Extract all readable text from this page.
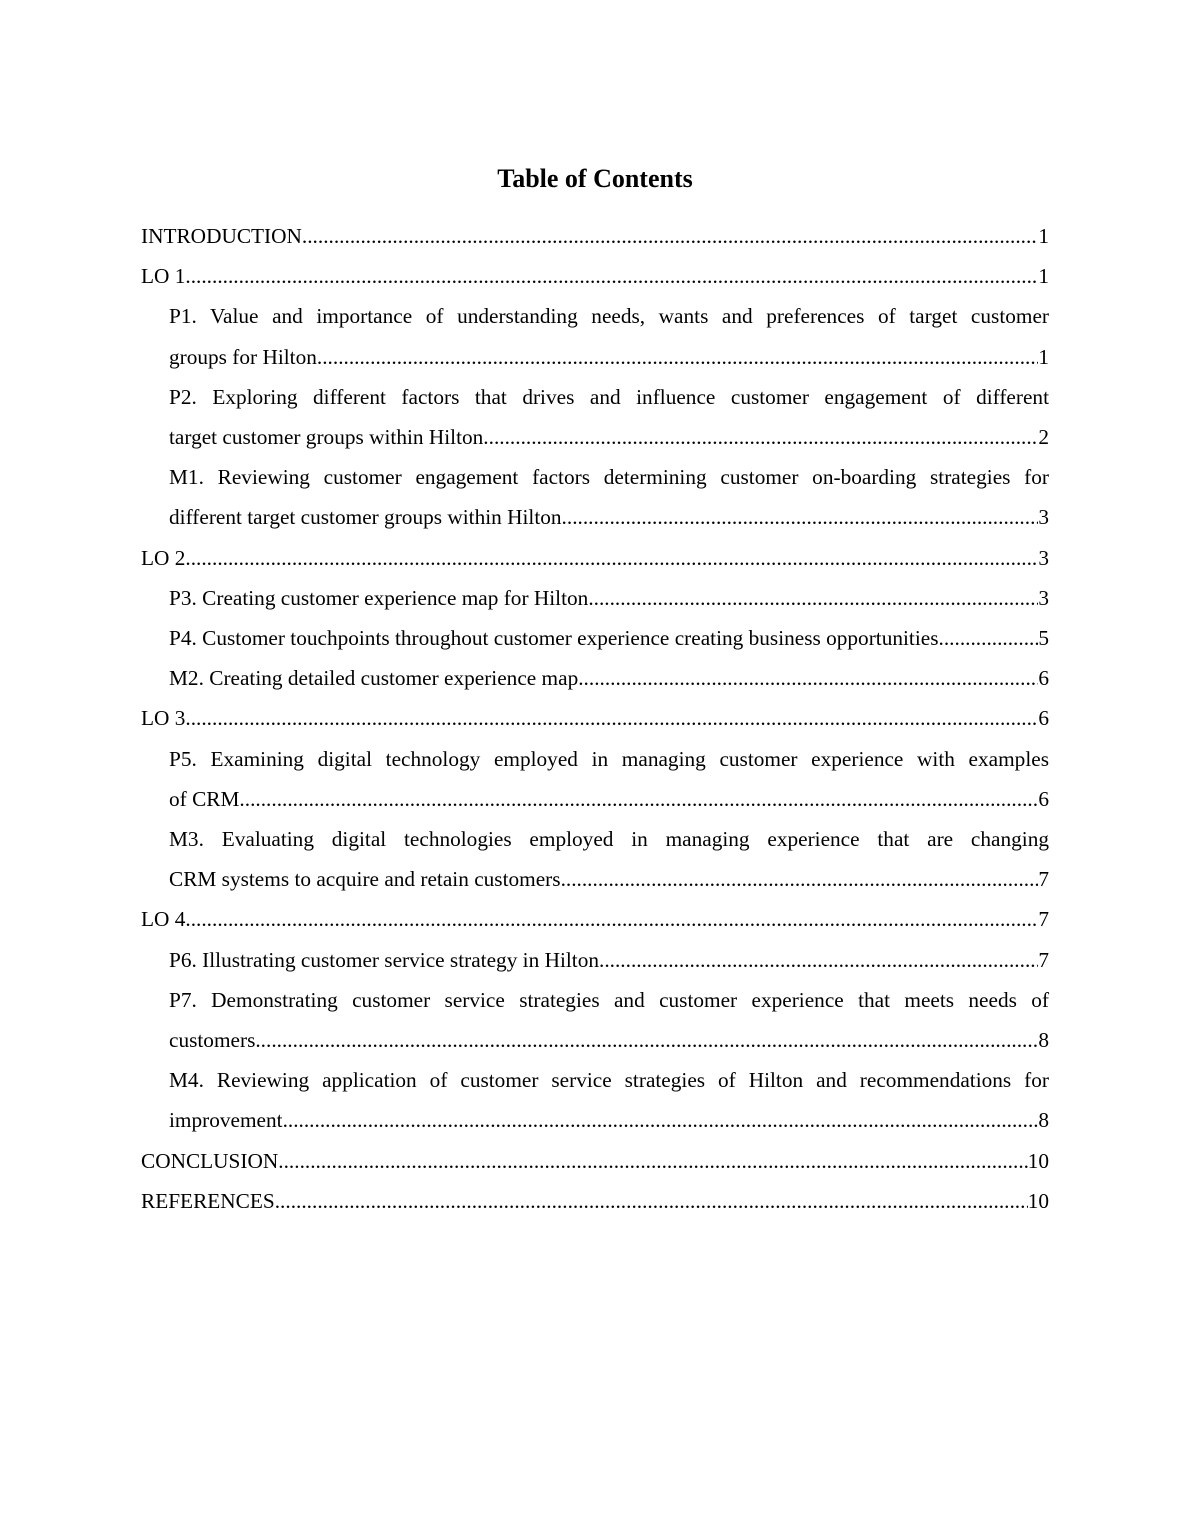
Table of Contents
INTRODUCTION .....	1
LO 1 .....	1
P1. Value and importance of understanding needs, wants and preferences of target customer
groups for Hilton .....	1
P2. Exploring different factors that drives and influence customer engagement of different
target customer groups within Hilton .....	2
M1. Reviewing customer engagement factors determining customer on-boarding strategies for
different target customer groups within Hilton .....	3
LO 2 .....	3
P3. Creating customer experience map for Hilton .....	3
P4. Customer touchpoints throughout customer experience creating business opportunities. .....	5
M2. Creating detailed customer experience map .....	6
LO 3 .....	6
P5. Examining digital technology employed in managing customer experience with examples
of CRM .....	6
M3. Evaluating digital technologies employed in managing experience that are changing
CRM systems to acquire and retain customers .....	7
LO 4 .....	7
P6. Illustrating customer service strategy in Hilton .....	7
P7. Demonstrating customer service strategies and customer experience that meets needs of
customers .....	8
M4. Reviewing application of customer service strategies of Hilton and recommendations for
improvement .....	8
CONCLUSION .....	10
REFERENCES .....	10
